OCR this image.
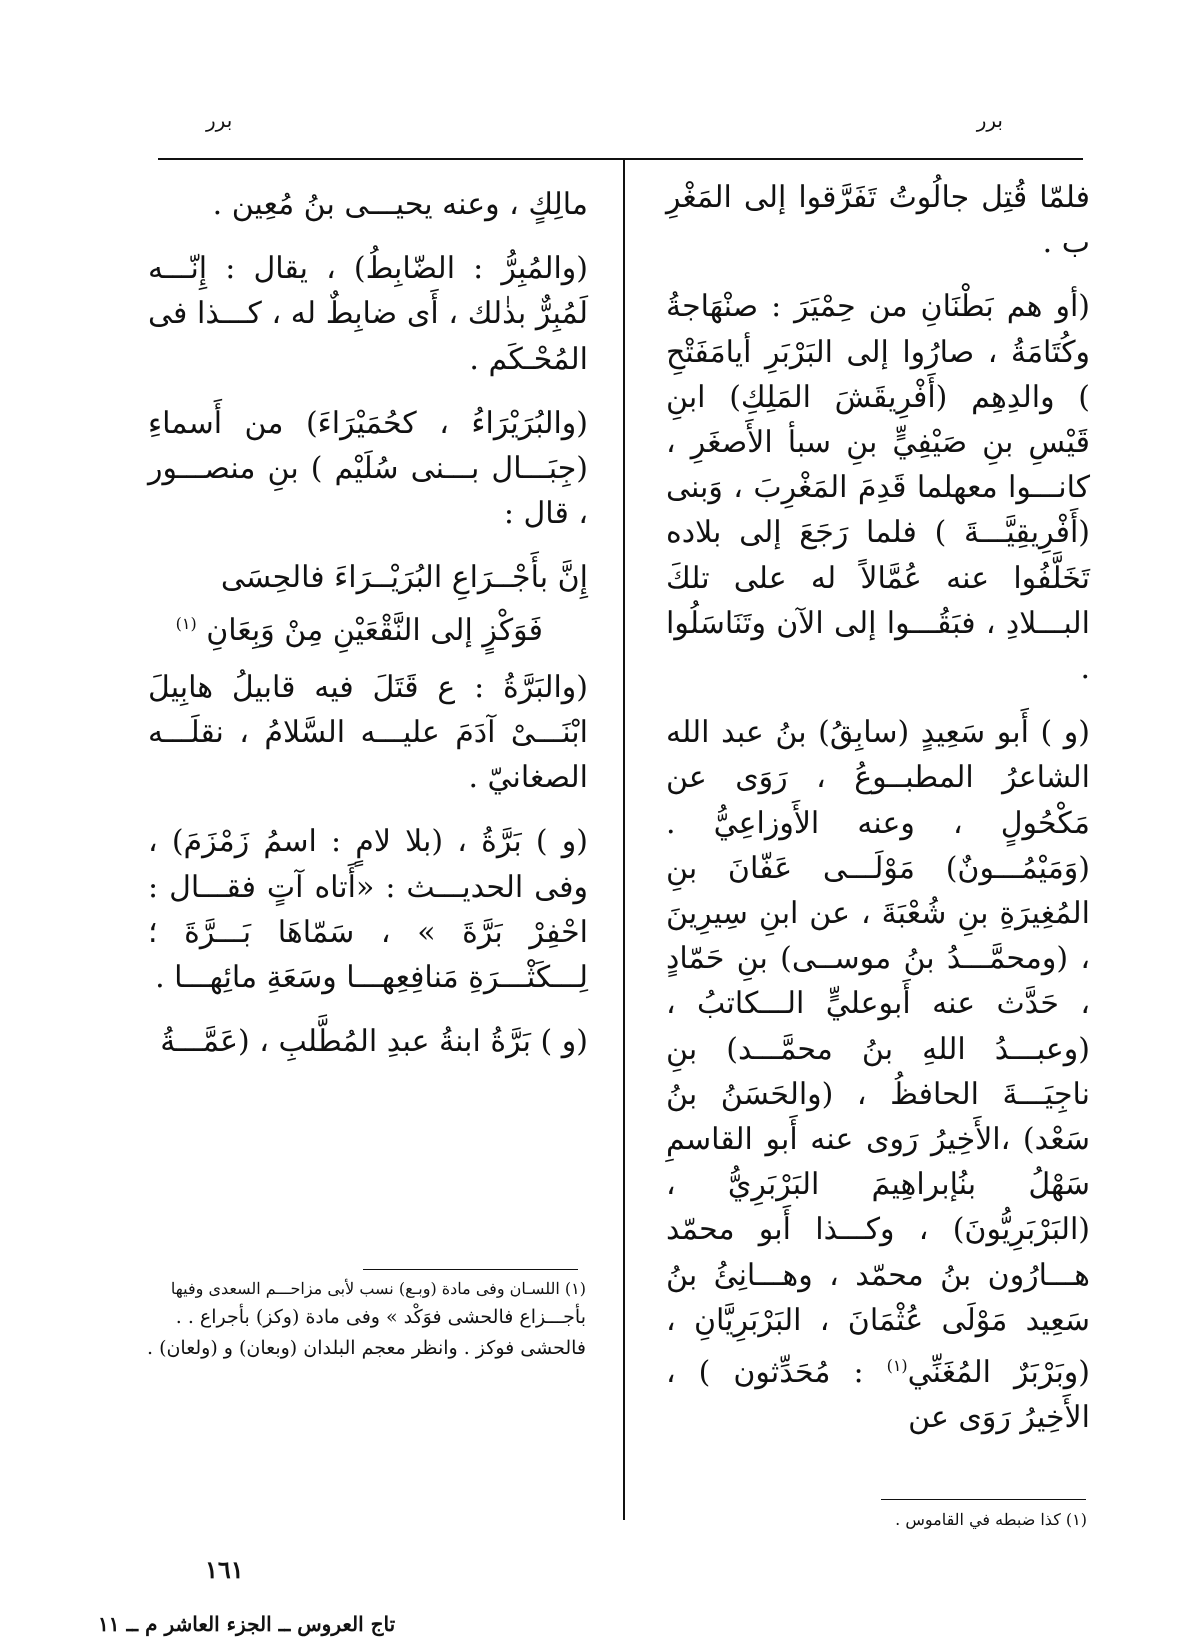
برر
برر

فلمّا قُتِل جالُوتُ تَفَرَّقوا إلى المَغْرِ ب .

(أو هم بَطْنَانِ من حِمْيَرَ : صنْهَاجةُ وكُتَامَةُ ، صارُوا إلى البَرْبَرِ أيامَفَتْحِ ) والدِهِم (أَفْرِيقَشَ المَلِكِ) ابنِ قَيْسِ بنِ صَيْفِيٍّ بنِ سبأ الأَصغَرِ ، كانـــوا معهلما قَدِمَ المَغْرِبَ ، وَبنى (أَفْرِيقِيَّـــةَ ) فلما رَجَعَ إلى بلاده تَخَلَّفُوا عنه عُمَّالاً له على تلكَ البـــلادِ ، فبَقُـــوا إلى الآن وتَنَاسَلُوا .

(و ) أَبو سَعِيدٍ (سابِقُ) بنُ عبد الله الشاعرُ المطبــوعُ ، رَوَى عن مَكْحُولٍ ، وعنه الأَوزاعِيُّ . (وَمَيْمُـــونٌ) مَوْلَـــى عَفّانَ بنِ المُغِيرَةِ بنِ شُعْبَةَ ، عن ابنِ سِيرِينَ ، (ومحمَّـــدُ بنُ موســى) بنِ حَمّادٍ ، حَدَّث عنه أَبوعليٍّ الـــكاتبُ ، (وعبـــدُ اللهِ بنُ محمَّـــد) بنِ ناجِيَـــةَ الحافظُ ، (والحَسَنُ بنُ سَعْد) ،الأَخِيرُ رَوى عنه أَبو القاسمِ سَهْلُ بنُإبراهِيمَ البَرْبَرِيُّ ، (البَرْبَرِيُّونَ) ، وكـــذا أَبو محمّد هـــارُون بنُ محمّد ، وهـــانِئُ بنُ سَعِيد مَوْلَى عُثْمَانَ ، البَرْبَرِيَّانِ ، (وبَرْبَرٌ المُغَنِّي$^{(١)}$ : مُحَدِّثون ) ، الأَخِيرُ رَوَى عن

(١) كذا ضبطه في القاموس .

مالِكٍ ، وعنه يحيـــى بنُ مُعِين .

(والمُبِرُّ : الضّابِطُ) ، يقال : إِنّـــه لَمُبِرٌّ بذٰلك ، أَى ضابِطٌ له ، كـــذا فى المُحْـكَم .

(والبُرَيْرَاءُ ، كحُمَيْرَاءَ) من أَسماءِ (جِبَـــال بـــنى سُلَيْم ) بنِ منصـــور ، قال :

إِنَّ بأَجْــرَاعِ البُرَيْــرَاءَ فالحِسَى
فَوَكْزٍ إلى النَّقْعَيْنِ مِنْ وَبِعَانِ $^{(١)}$

(والبَرَّةُ : ع قَتَلَ فيه قابيلُ هابِيلَ ابْنَـــىْ آدَمَ عليـــه السَّلامُ ، نقلَـــه الصغانيّ .

(و ) بَرَّةُ ، (بلا لامٍ : اسمُ زَمْزَمَ) ، وفى الحديـــث : «أَتاه آتٍ فقـــال : احْفِرْ بَرَّةَ » ، سَمّاهَا بَـــرَّةَ ؛ لِـــكَثْـــرَةِ مَنافِعِهـــا وسَعَةِ مائِهـــا .

(و ) بَرَّةُ ابنةُ عبدِ المُطَّلبِ ، (عَمَّـــةُ

(١) اللسـان وفى مادة (وبـع) نسب لأبى مزاحـــم السعدى وفيها
بأجـــزاع فالحشى فوَكْد » وفى مادة (وكز) بأجراع . . فالحشى فوكز . وانظر معجم البلدان (وبعان) و (ولعان) .
١٦١
تاج العروس ــ الجزء العاشر م ــ ١١
